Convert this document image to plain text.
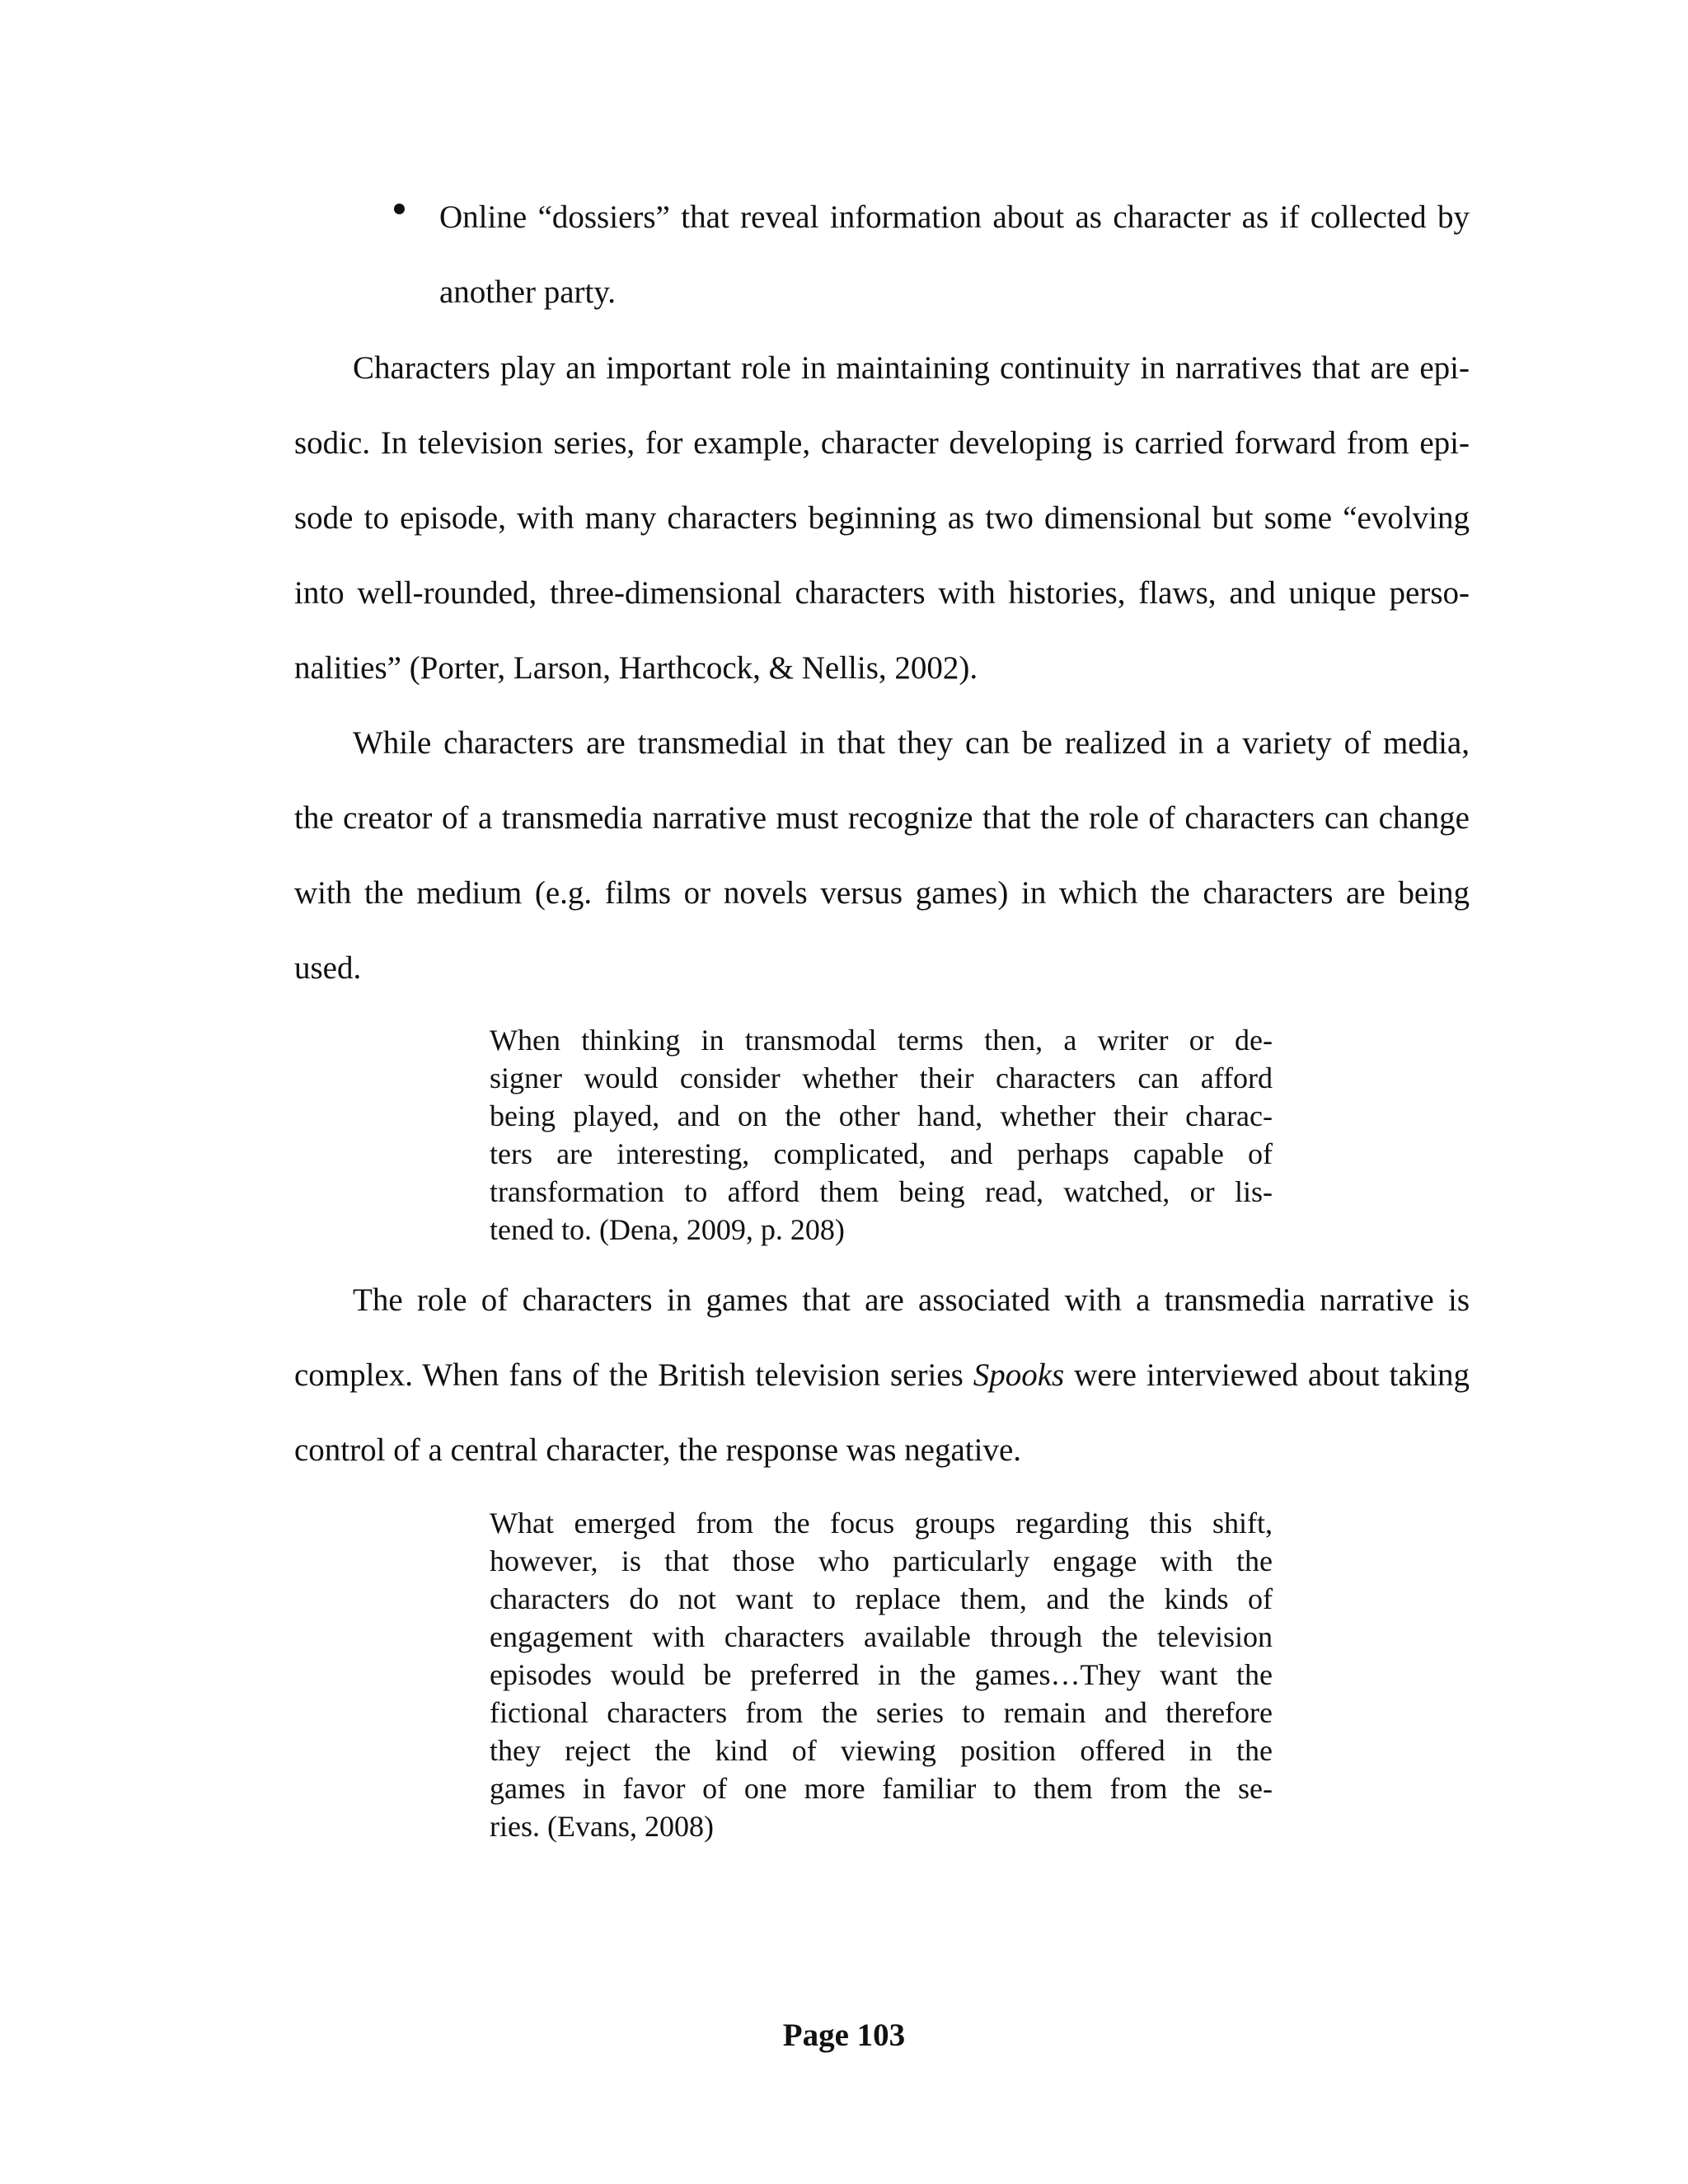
Online “dossiers” that reveal information about as character as if collected by
another party.
Characters play an important role in maintaining continuity in narratives that are epi-
sodic. In television series, for example, character developing is carried forward from epi-
sode to episode, with many characters beginning as two dimensional but some “evolving
into well-rounded, three-dimensional characters with histories, flaws, and unique perso-
nalities” (Porter, Larson, Harthcock, & Nellis, 2002).
While characters are transmedial in that they can be realized in a variety of media,
the creator of a transmedia narrative must recognize that the role of characters can change
with the medium (e.g. films or novels versus games) in which the characters are being
used.
When thinking in transmodal terms then, a writer or de-
signer would consider whether their characters can afford
being played, and on the other hand, whether their charac-
ters are interesting, complicated, and perhaps capable of
transformation to afford them being read, watched, or lis-
tened to. (Dena, 2009, p. 208)
The role of characters in games that are associated with a transmedia narrative is
complex. When fans of the British television series Spooks were interviewed about taking
control of a central character, the response was negative.
What emerged from the focus groups regarding this shift,
however, is that those who particularly engage with the
characters do not want to replace them, and the kinds of
engagement with characters available through the television
episodes would be preferred in the games…They want the
fictional characters from the series to remain and therefore
they reject the kind of viewing position offered in the
games in favor of one more familiar to them from the se-
ries. (Evans, 2008)
Page 103
